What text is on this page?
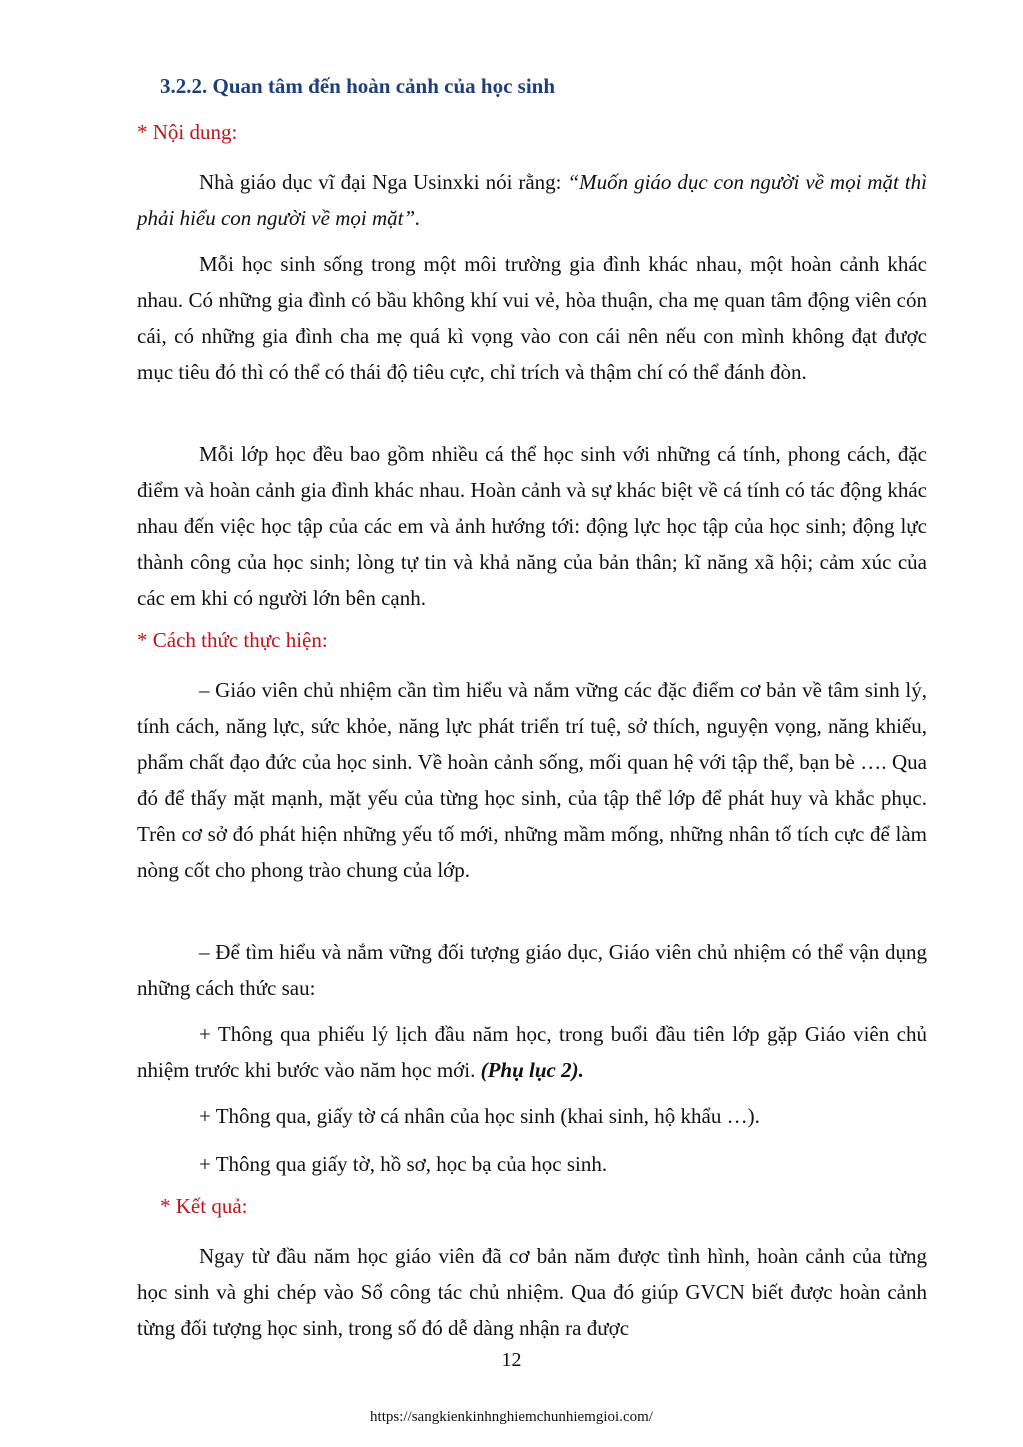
3.2.2. Quan tâm đến hoàn cảnh của học sinh
* Nội dung:

Nhà giáo dục vĩ đại Nga Usinxki nói rằng: “Muốn giáo dục con người về mọi mặt thì phải hiểu con người về mọi mặt”.

Mỗi học sinh sống trong một môi trường gia đình khác nhau, một hoàn cảnh khác nhau. Có những gia đình có bầu không khí vui vẻ, hòa thuận, cha mẹ quan tâm động viên cón cái, có những gia đình cha mẹ quá kì vọng vào con cái nên nếu con mình không đạt được mục tiêu đó thì có thể có thái độ tiêu cực, chỉ trích và thậm chí có thể đánh đòn.

Mỗi lớp học đều bao gồm nhiều cá thể học sinh với những cá tính, phong cách, đặc điểm và hoàn cảnh gia đình khác nhau. Hoàn cảnh và sự khác biệt về cá tính có tác động khác nhau đến việc học tập của các em và ảnh hướng tới: động lực học tập của học sinh; động lực thành công của học sinh; lòng tự tin và khả năng của bản thân; kĩ năng xã hội; cảm xúc của các em khi có người lớn bên cạnh.

* Cách thức thực hiện:

– Giáo viên chủ nhiệm cần tìm hiểu và nắm vững các đặc điểm cơ bản về tâm sinh lý, tính cách, năng lực, sức khỏe, năng lực phát triển trí tuệ, sở thích, nguyện vọng, năng khiếu, phẩm chất đạo đức của học sinh. Về hoàn cảnh sống, mối quan hệ với tập thể, bạn bè …. Qua đó để thấy mặt mạnh, mặt yếu của từng học sinh, của tập thể lớp để phát huy và khắc phục. Trên cơ sở đó phát hiện những yếu tố mới, những mầm mống, những nhân tố tích cực để làm nòng cốt cho phong trào chung của lớp.

– Để tìm hiểu và nắm vững đối tượng giáo dục, Giáo viên chủ nhiệm có thể vận dụng những cách thức sau:

+ Thông qua phiếu lý lịch đầu năm học, trong buổi đầu tiên lớp gặp Giáo viên chủ nhiệm trước khi bước vào năm học mới. (Phụ lục 2).

+ Thông qua, giấy tờ cá nhân của học sinh (khai sinh, hộ khẩu …).

+ Thông qua giấy tờ, hồ sơ, học bạ của học sinh.

* Kết quả:

Ngay từ đầu năm học giáo viên đã cơ bản năm được tình hình, hoàn cảnh của từng học sinh và ghi chép vào Sổ công tác chủ nhiệm. Qua đó giúp GVCN biết được hoàn cảnh từng đối tượng học sinh, trong số đó dễ dàng nhận ra được

12
https://sangkienkinhnghiemchunhiemgioi.com/
